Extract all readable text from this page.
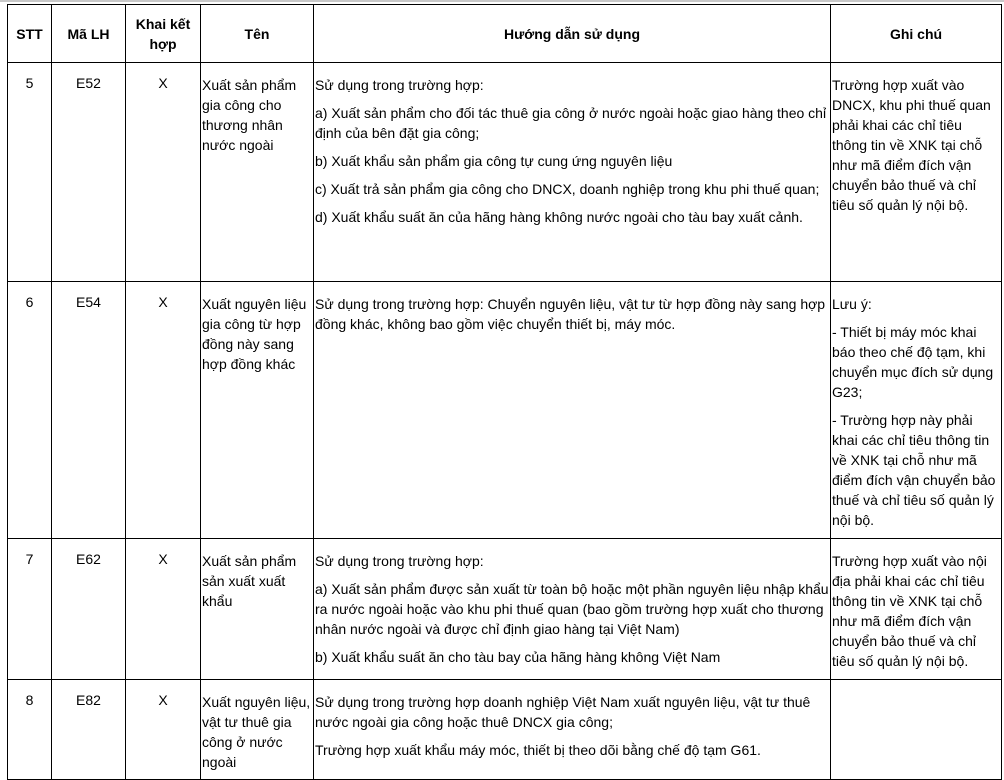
STT	Mã LH	Khai kết hợp	Tên	Hướng dẫn sử dụng	Ghi chú
5	E52	X	Xuất sản phẩm gia công cho thương nhân nước ngoài	Sử dụng trong trường hợp:
a) Xuất sản phẩm cho đối tác thuê gia công ở nước ngoài hoặc giao hàng theo chỉ định của bên đặt gia công;
b) Xuất khẩu sản phẩm gia công tự cung ứng nguyên liệu
c) Xuất trả sản phẩm gia công cho DNCX, doanh nghiệp trong khu phi thuế quan;
d) Xuất khẩu suất ăn của hãng hàng không nước ngoài cho tàu bay xuất cảnh.	Trường hợp xuất vào DNCX, khu phi thuế quan phải khai các chỉ tiêu thông tin về XNK tại chỗ như mã điểm đích vận chuyển bảo thuế và chỉ tiêu số quản lý nội bộ.

6	E54	X	Xuất nguyên liệu gia công từ hợp đồng này sang hợp đồng khác	Sử dụng trong trường hợp: Chuyển nguyên liệu, vật tư từ hợp đồng này sang hợp đồng khác, không bao gồm việc chuyển thiết bị, máy móc.	Lưu ý:
- Thiết bị máy móc khai báo theo chế độ tạm, khi chuyển mục đích sử dụng G23;
- Trường hợp này phải khai các chỉ tiêu thông tin về XNK tại chỗ như mã điểm đích vận chuyển bảo thuế và chỉ tiêu số quản lý nội bộ.

7	E62	X	Xuất sản phẩm sản xuất xuất khẩu	Sử dụng trong trường hợp:
a) Xuất sản phẩm được sản xuất từ toàn bộ hoặc một phần nguyên liệu nhập khẩu ra nước ngoài hoặc vào khu phi thuế quan (bao gồm trường hợp xuất cho thương nhân nước ngoài và được chỉ định giao hàng tại Việt Nam)
b) Xuất khẩu suất ăn cho tàu bay của hãng hàng không Việt Nam	Trường hợp xuất vào nội địa phải khai các chỉ tiêu thông tin về XNK tại chỗ như mã điểm đích vận chuyển bảo thuế và chỉ tiêu số quản lý nội bộ.

8	E82	X	Xuất nguyên liệu, vật tư thuê gia công ở nước ngoài	Sử dụng trong trường hợp doanh nghiệp Việt Nam xuất nguyên liệu, vật tư thuê nước ngoài gia công hoặc thuê DNCX gia công;
Trường hợp xuất khẩu máy móc, thiết bị theo dõi bằng chế độ tạm G61.	
